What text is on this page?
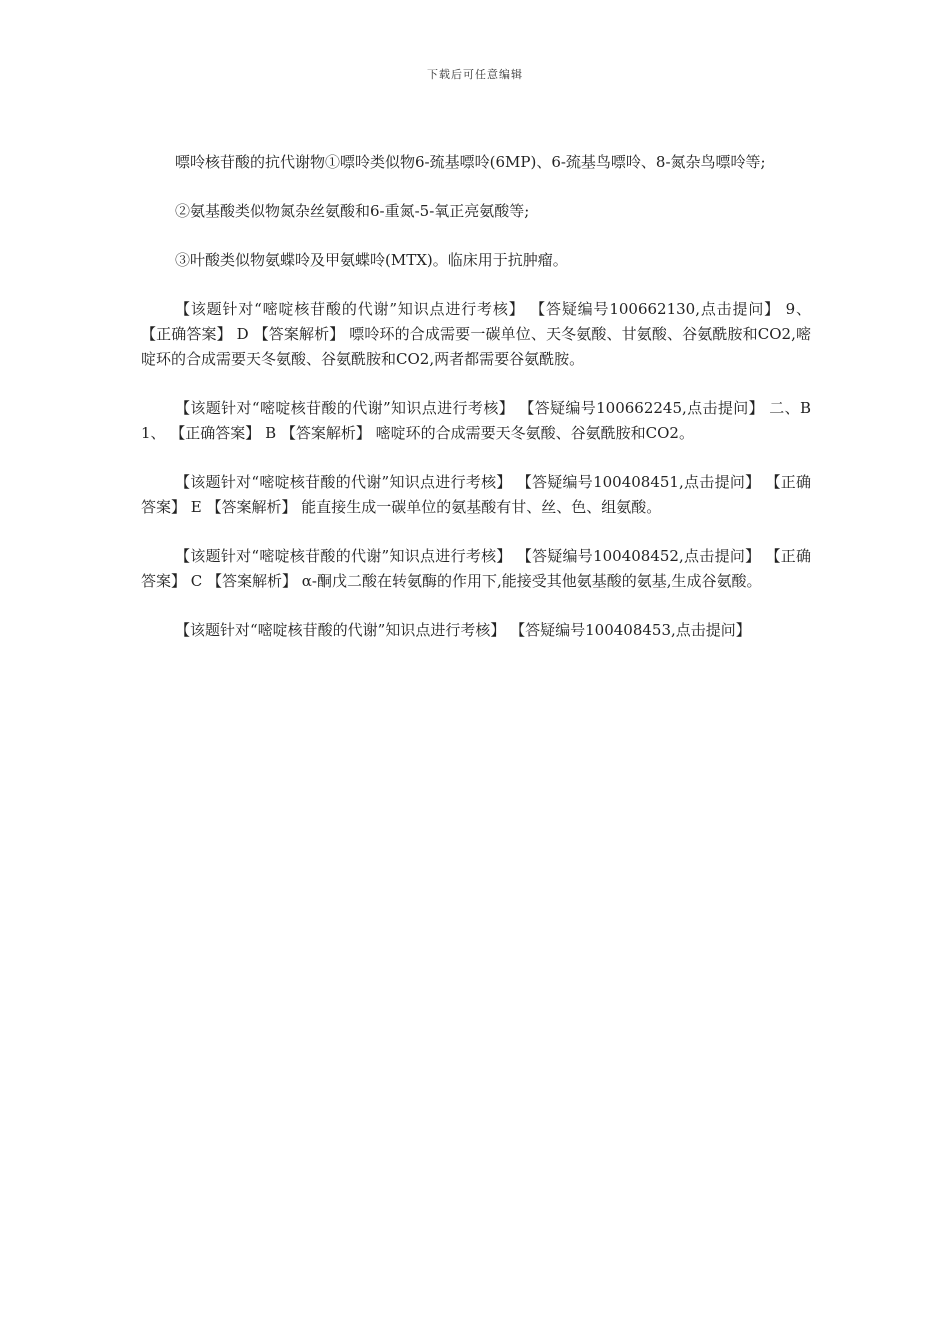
下载后可任意编辑

嘌呤核苷酸的抗代谢物①嘌呤类似物6-巯基嘌呤(6MP)、6-巯基鸟嘌呤、8-氮杂鸟嘌呤等;

②氨基酸类似物氮杂丝氨酸和6-重氮-5-氧正亮氨酸等;

③叶酸类似物氨蝶呤及甲氨蝶呤(MTX)。临床用于抗肿瘤。

【该题针对“嘧啶核苷酸的代谢”知识点进行考核】 【答疑编号100662130,点击提问】 9、 【正确答案】 D 【答案解析】 嘌呤环的合成需要一碳单位、天冬氨酸、甘氨酸、谷氨酰胺和CO2,嘧啶环的合成需要天冬氨酸、谷氨酰胺和CO2,两者都需要谷氨酰胺。

【该题针对“嘧啶核苷酸的代谢”知识点进行考核】 【答疑编号100662245,点击提问】 二、B 1、 【正确答案】 B 【答案解析】 嘧啶环的合成需要天冬氨酸、谷氨酰胺和CO2。

【该题针对“嘧啶核苷酸的代谢”知识点进行考核】 【答疑编号100408451,点击提问】 【正确答案】 E 【答案解析】 能直接生成一碳单位的氨基酸有甘、丝、色、组氨酸。

【该题针对“嘧啶核苷酸的代谢”知识点进行考核】 【答疑编号100408452,点击提问】 【正确答案】 C 【答案解析】 α-酮戊二酸在转氨酶的作用下,能接受其他氨基酸的氨基,生成谷氨酸。

【该题针对“嘧啶核苷酸的代谢”知识点进行考核】 【答疑编号100408453,点击提问】
